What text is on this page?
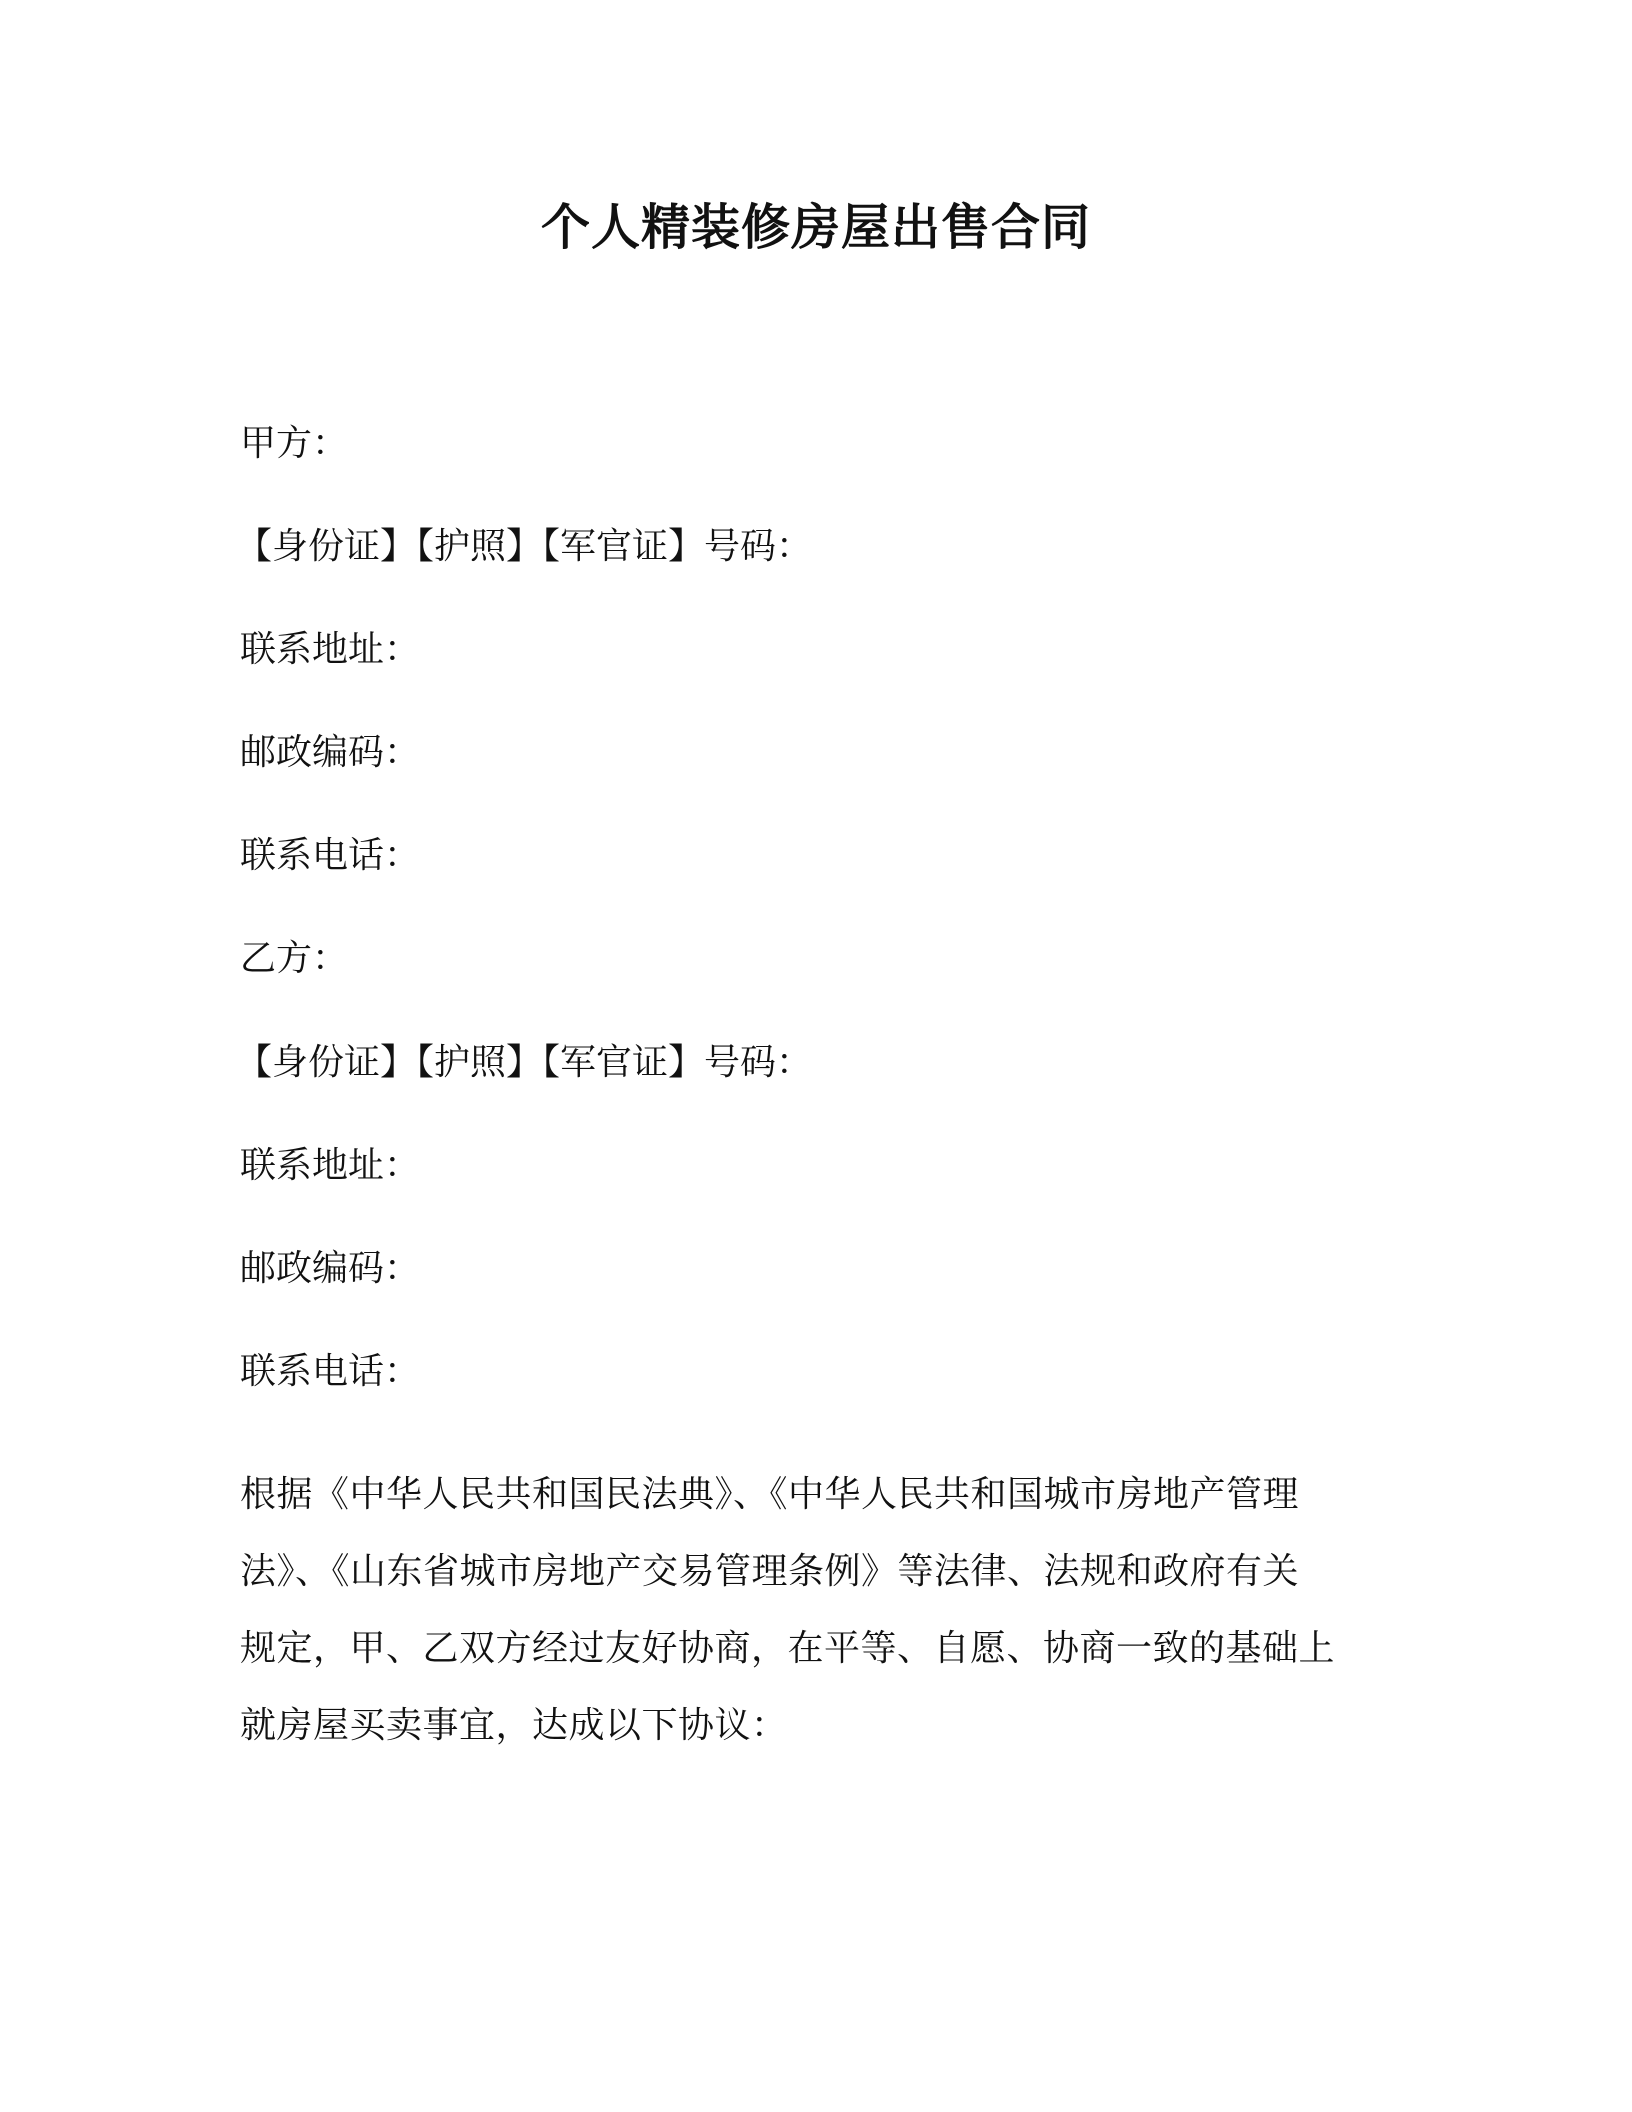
个人精装修房屋出售合同
甲方：
【身份证】【护照】【军官证】号码：
联系地址：
邮政编码：
联系电话：
乙方：
【身份证】【护照】【军官证】号码：
联系地址：
邮政编码：
联系电话：

根据《中华人民共和国民法典》、《中华人民共和国城市房地产管理

法》、《山东省城市房地产交易管理条例》等法律、法规和政府有关

规定，甲、乙双方经过友好协商，在平等、自愿、协商一致的基础上

就房屋买卖事宜，达成以下协议：
